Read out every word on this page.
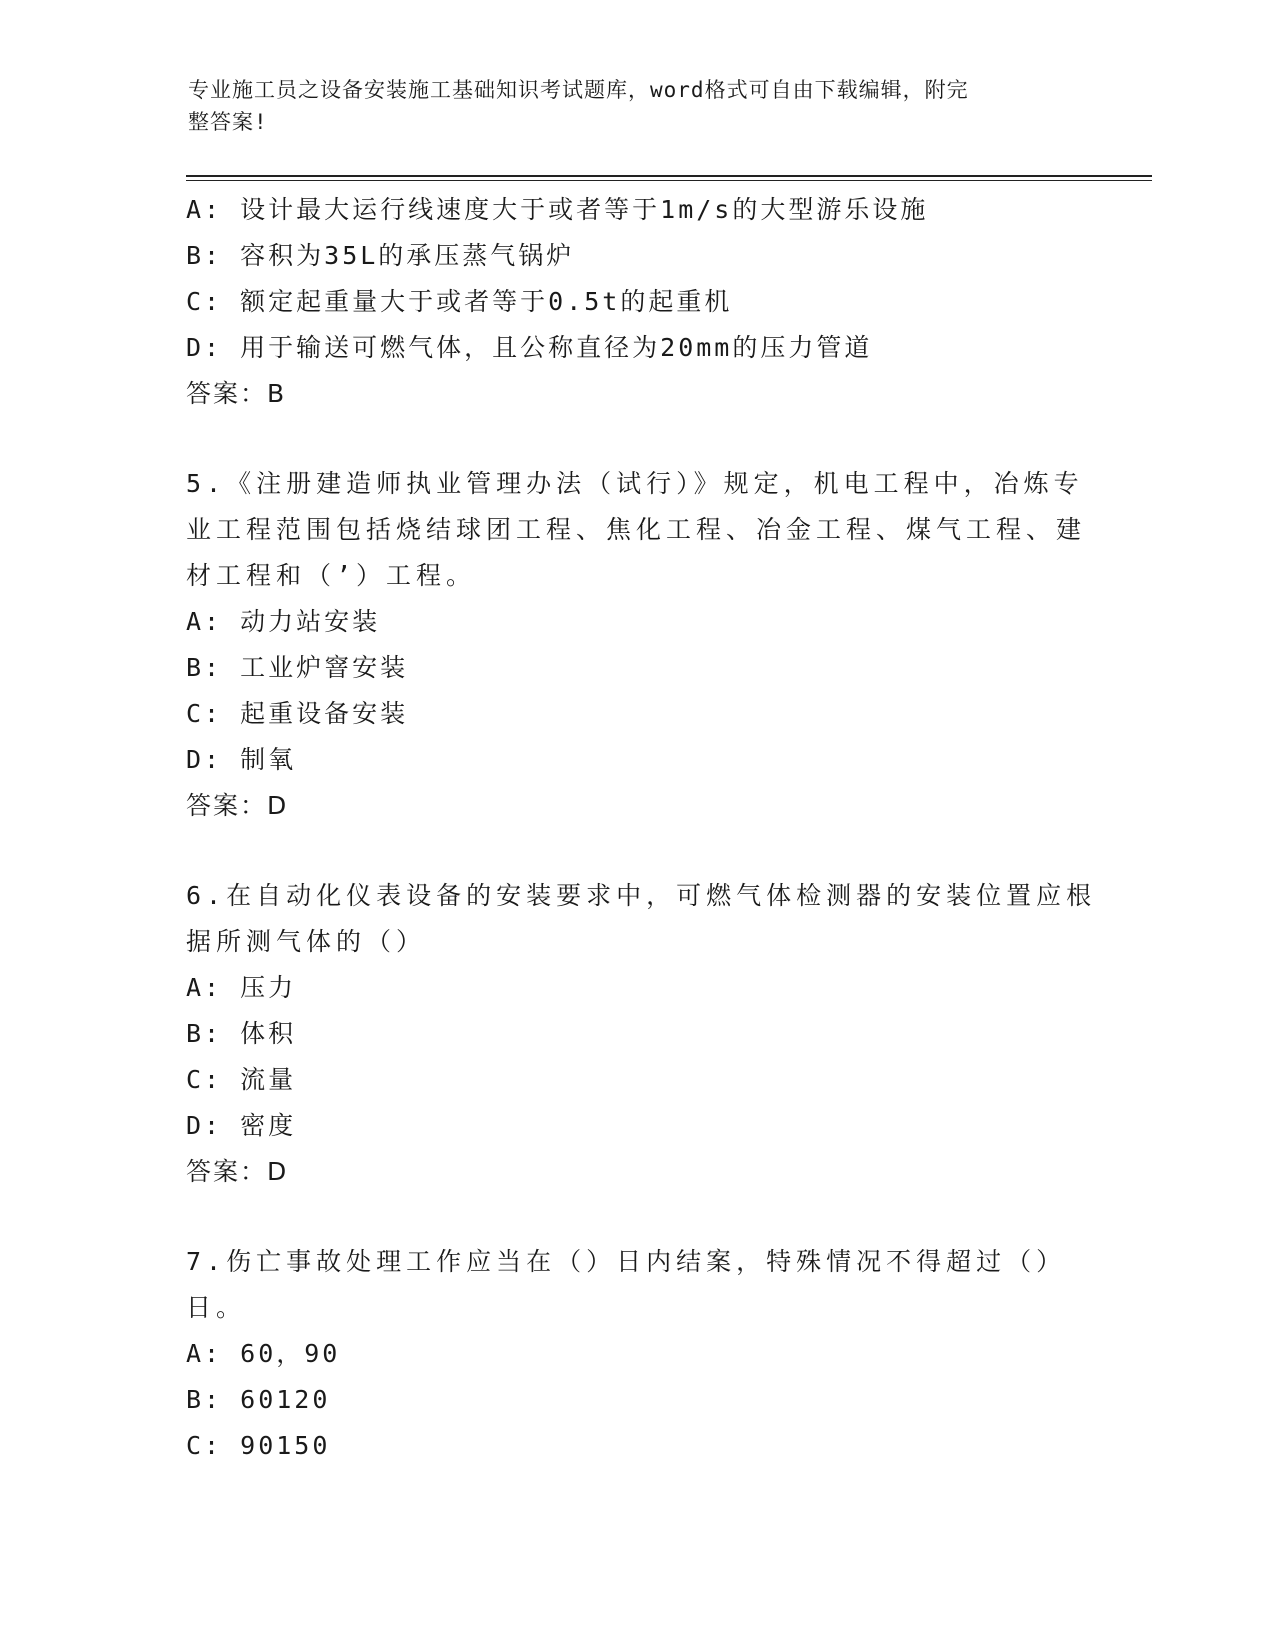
专业施工员之设备安装施工基础知识考试题库，word格式可自由下载编辑，附完
整答案!
A: 设计最大运行线速度大于或者等于1m/s的大型游乐设施
B: 容积为35L的承压蒸气锅炉
C: 额定起重量大于或者等于0.5t的起重机
D: 用于输送可燃气体，且公称直径为20mm的压力管道
答案：B
5.《注册建造师执业管理办法（试行）》规定，机电工程中，冶炼专
业工程范围包括烧结球团工程、焦化工程、冶金工程、煤气工程、建
材工程和（’）工程。
A: 动力站安装
B: 工业炉窨安装
C: 起重设备安装
D: 制氧
答案：D
6.在自动化仪表设备的安装要求中，可燃气体检测器的安装位置应根
据所测气体的（）
A: 压力
B: 体积
C: 流量
D: 密度
答案：D
7.伤亡事故处理工作应当在（）日内结案，特殊情况不得超过（）
日。
A: 60，90
B: 60120
C: 90150
